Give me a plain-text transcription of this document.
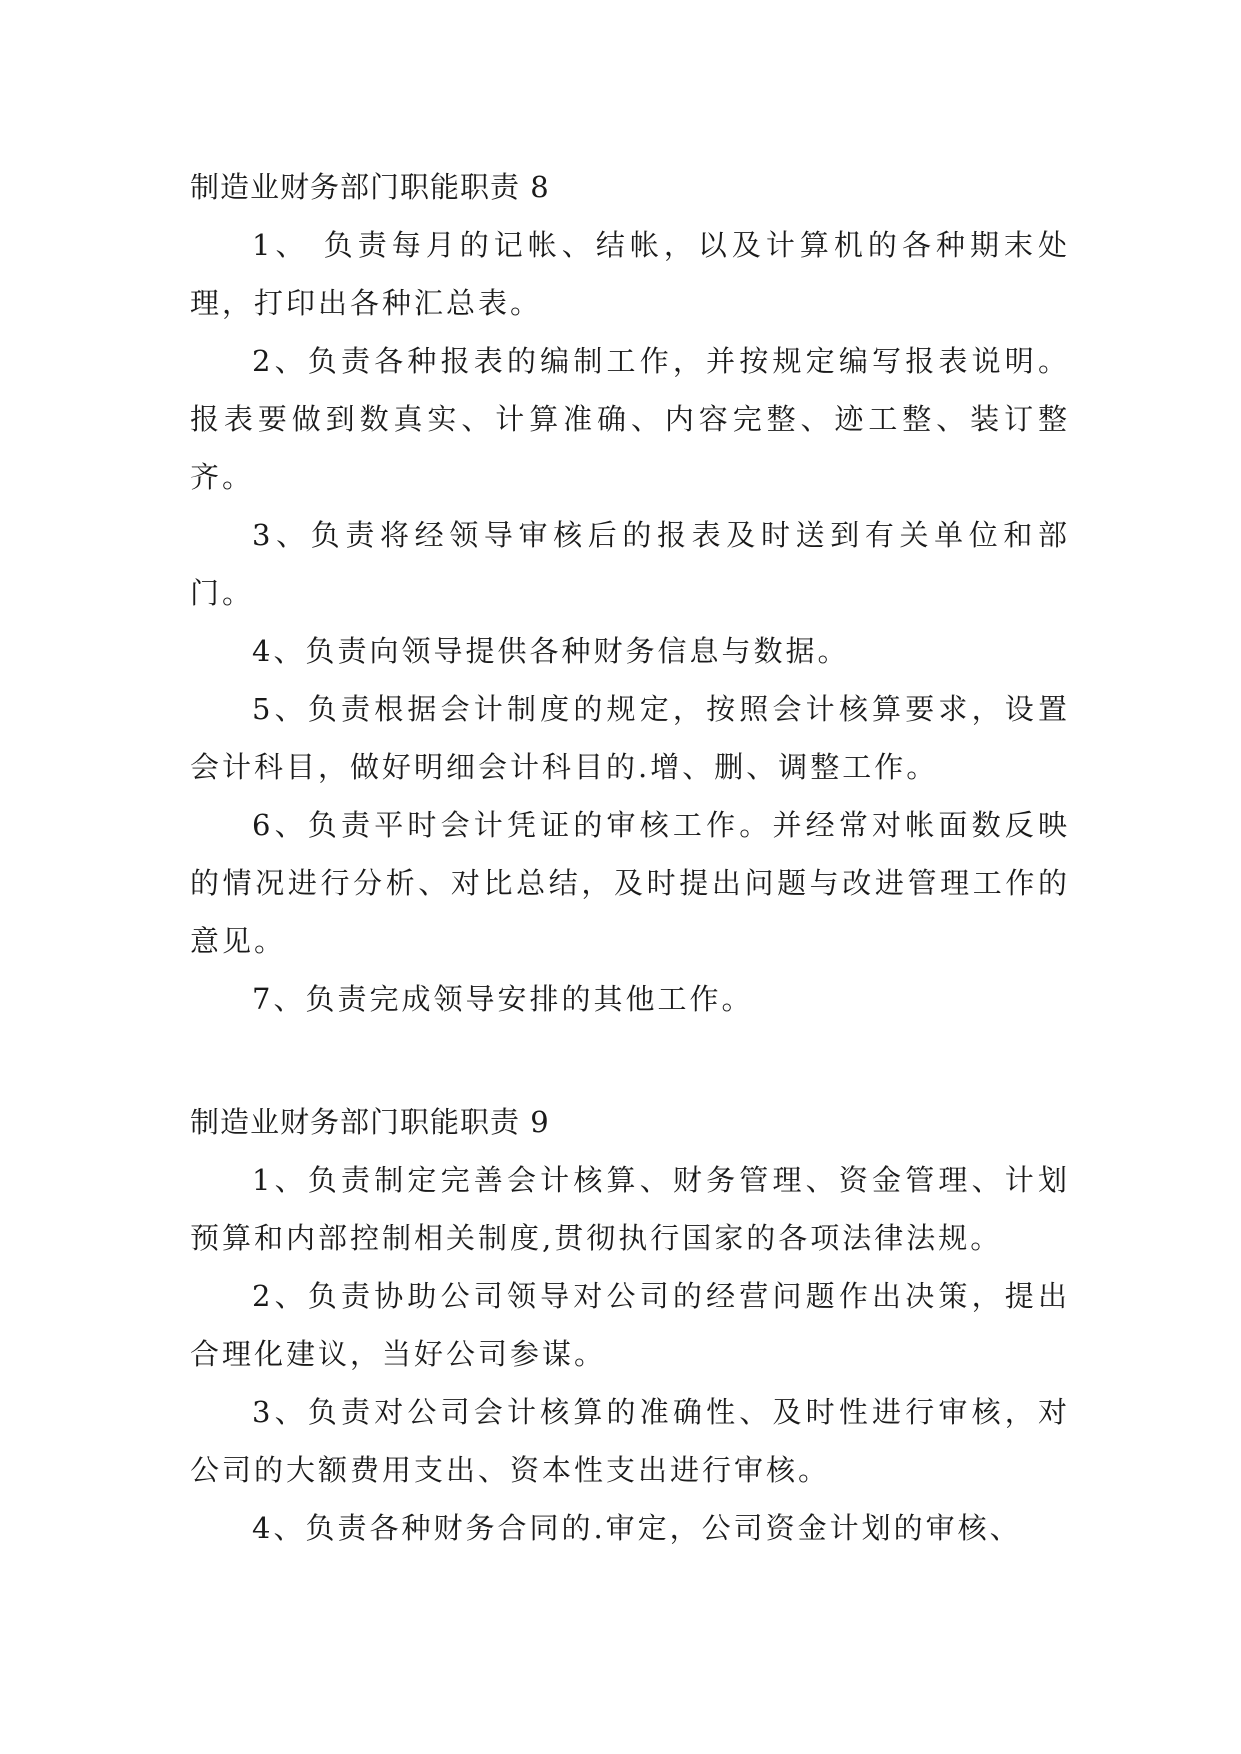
制造业财务部门职能职责 8

1、 负责每月的记帐、结帐，以及计算机的各种期末处理，打印出各种汇总表。

2、负责各种报表的编制工作，并按规定编写报表说明。报表要做到数真实、计算准确、内容完整、迹工整、装订整齐。

3、负责将经领导审核后的报表及时送到有关单位和部门。

4、负责向领导提供各种财务信息与数据。

5、负责根据会计制度的规定，按照会计核算要求，设置会计科目，做好明细会计科目的.增、删、调整工作。

6、负责平时会计凭证的审核工作。并经常对帐面数反映的情况进行分析、对比总结，及时提出问题与改进管理工作的意见。

7、负责完成领导安排的其他工作。

制造业财务部门职能职责 9

1、负责制定完善会计核算、财务管理、资金管理、计划预算和内部控制相关制度,贯彻执行国家的各项法律法规。

2、负责协助公司领导对公司的经营问题作出决策，提出合理化建议，当好公司参谋。

3、负责对公司会计核算的准确性、及时性进行审核，对公司的大额费用支出、资本性支出进行审核。

4、负责各种财务合同的.审定，公司资金计划的审核、
